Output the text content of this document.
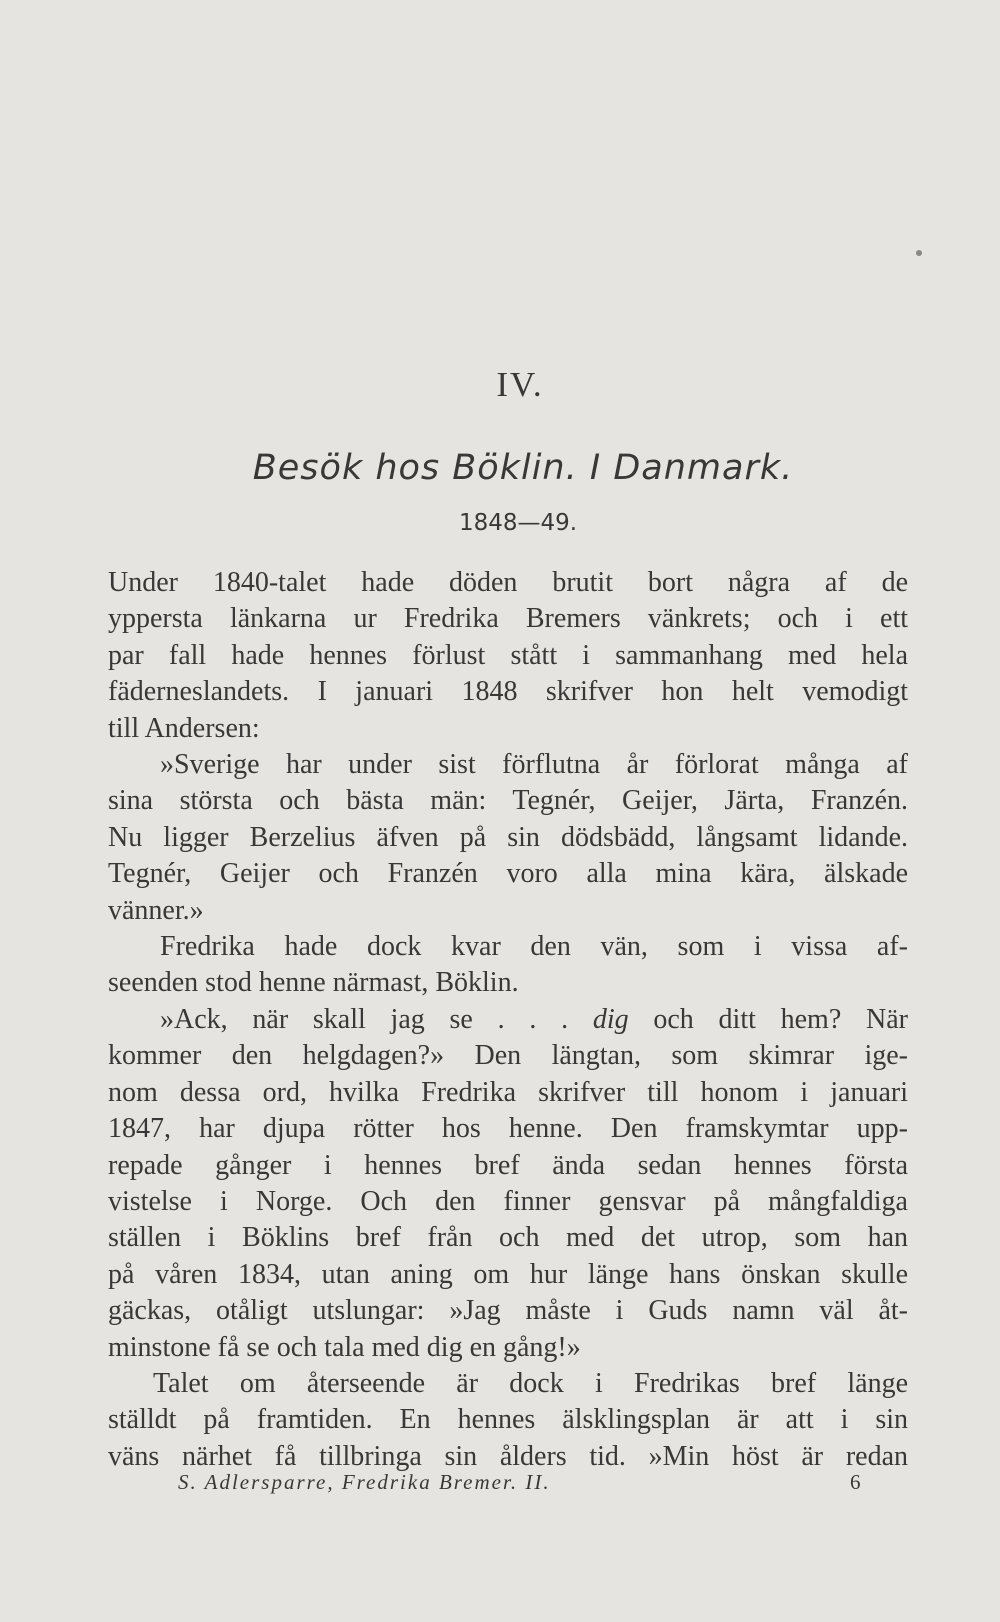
IV.
Besök hos Böklin. I Danmark.
1848—49.
Under 1840-talet hade döden brutit bort några af de
yppersta länkarna ur Fredrika Bremers vänkrets; och i ett
par fall hade hennes förlust stått i sammanhang med hela
fäderneslandets. I januari 1848 skrifver hon helt vemodigt
till Andersen:
»Sverige har under sist förflutna år förlorat många af
sina största och bästa män: Tegnér, Geijer, Järta, Franzén.
Nu ligger Berzelius äfven på sin dödsbädd, långsamt lidande.
Tegnér, Geijer och Franzén voro alla mina kära, älskade
vänner.»
Fredrika hade dock kvar den vän, som i vissa af-
seenden stod henne närmast, Böklin.
»Ack, när skall jag se . . . dig och ditt hem? När
kommer den helgdagen?» Den längtan, som skimrar ige-
nom dessa ord, hvilka Fredrika skrifver till honom i januari
1847, har djupa rötter hos henne. Den framskymtar upp-
repade gånger i hennes bref ända sedan hennes första
vistelse i Norge. Och den finner gensvar på mångfaldiga
ställen i Böklins bref från och med det utrop, som han
på våren 1834, utan aning om hur länge hans önskan skulle
gäckas, otåligt utslungar: »Jag måste i Guds namn väl åt-
minstone få se och tala med dig en gång!»
Talet om återseende är dock i Fredrikas bref länge
ställdt på framtiden. En hennes älsklingsplan är att i sin
väns närhet få tillbringa sin ålders tid. »Min höst är redan
S. Adlersparre, Fredrika Bremer. II.	6
